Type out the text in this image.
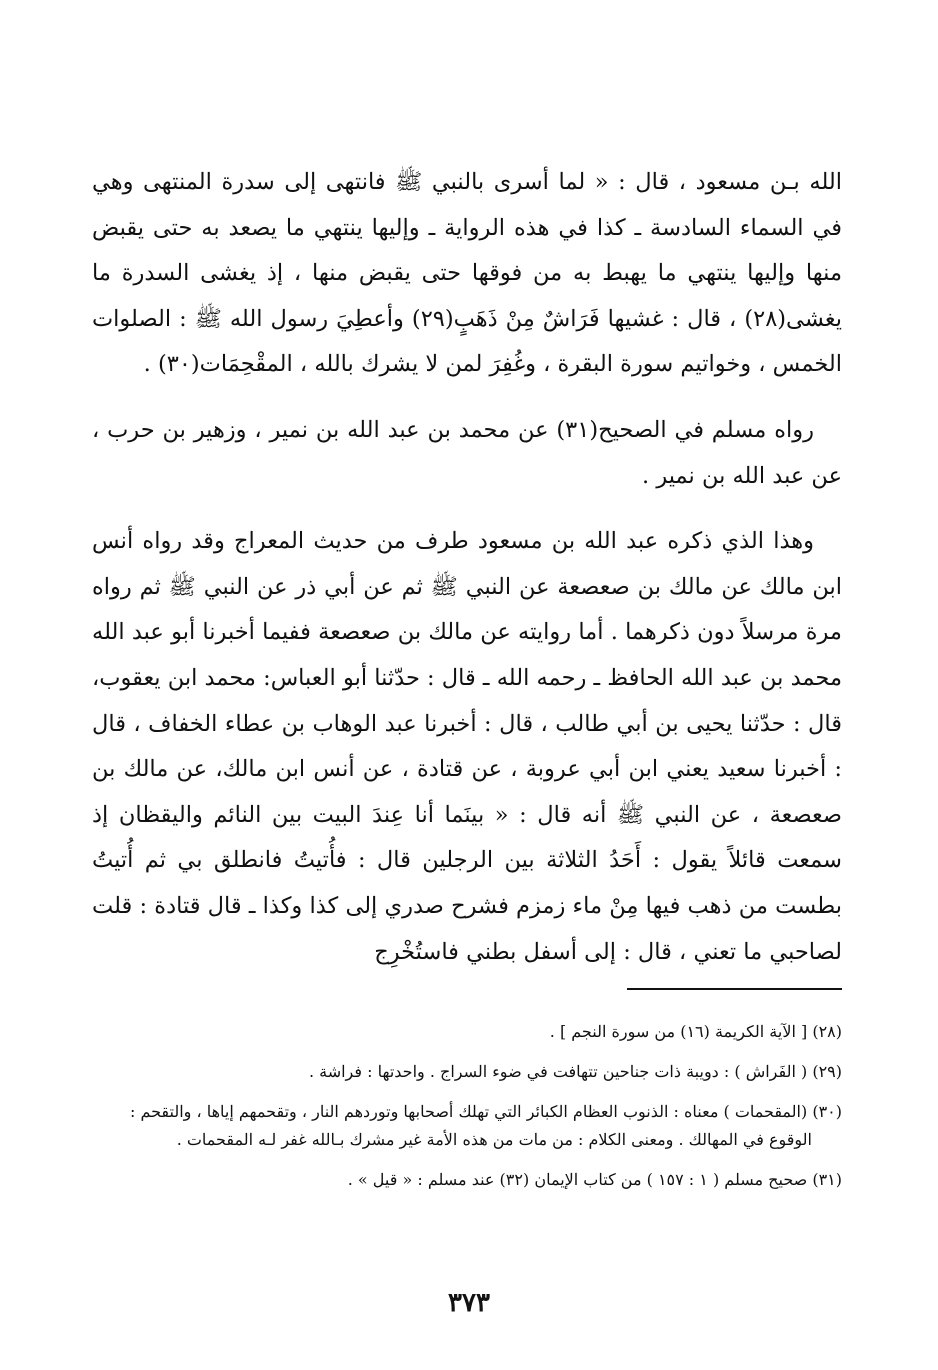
الله بـن مسعود ، قال : « لما أسرى بالنبي ﷺ فانتهى إلى سدرة المنتهى وهي في السماء السادسة ـ كذا في هذه الرواية ـ وإليها ينتهي ما يصعد به حتى يقبض منها وإليها ينتهي ما يهبط به من فوقها حتى يقبض منها ، إذ يغشى السدرة ما يغشى(٢٨) ، قال : غشيها فَرَاشٌ مِنْ ذَهَبٍ(٢٩) وأعطِيَ رسول الله ﷺ : الصلوات الخمس ، وخواتيم سورة البقرة ، وغُفِرَ لمن لا يشرك بالله ، المقْحِمَات(٣٠) .

رواه مسلم في الصحيح(٣١) عن محمد بن عبد الله بن نمير ، وزهير بن حرب ، عن عبد الله بن نمير .

وهذا الذي ذكره عبد الله بن مسعود طرف من حديث المعراج وقد رواه أنس ابن مالك عن مالك بن صعصعة عن النبي ﷺ ثم عن أبي ذر عن النبي ﷺ ثم رواه مرة مرسلاً دون ذكرهما . أما روايته عن مالك بن صعصعة ففيما أخبرنا أبو عبد الله محمد بن عبد الله الحافظ ـ رحمه الله ـ قال : حدّثنا أبو العباس: محمد ابن يعقوب، قال : حدّثنا يحيى بن أبي طالب ، قال : أخبرنا عبد الوهاب بن عطاء الخفاف ، قال : أخبرنا سعيد يعني ابن أبي عروبة ، عن قتادة ، عن أنس ابن مالك، عن مالك بن صعصعة ، عن النبي ﷺ أنه قال : « بينَما أنا عِندَ البيت بين النائم واليقظان إذ سمعت قائلاً يقول : أَحَدُ الثلاثة بين الرجلين قال : فأُتيتُ فانطلق بي ثم أُتيتُ بطست من ذهب فيها مِنْ ماء زمزم فشرح صدري إلى كذا وكذا ـ قال قتادة : قلت لصاحبي ما تعني ، قال : إلى أسفل بطني فاستُخْرِج

(٢٨) [ الآية الكريمة (١٦) من سورة النجم ] .

(٢٩) ( الفَراش ) : دويبة ذات جناحين تتهافت في ضوء السراج . واحدتها : فراشة .

(٣٠) (المقحمات ) معناه : الذنوب العظام الكبائر التي تهلك أصحابها وتوردهم النار ، وتقحمهم إياها ، والتقحم : الوقوع في المهالك . ومعنى الكلام : من مات من هذه الأمة غير مشرك بـالله غفر لـه المقحمات .

(٣١) صحيح مسلم ( ١ : ١٥٧ ) من كتاب الإيمان (٣٢) عند مسلم : « قيل » .

٣٧٣
